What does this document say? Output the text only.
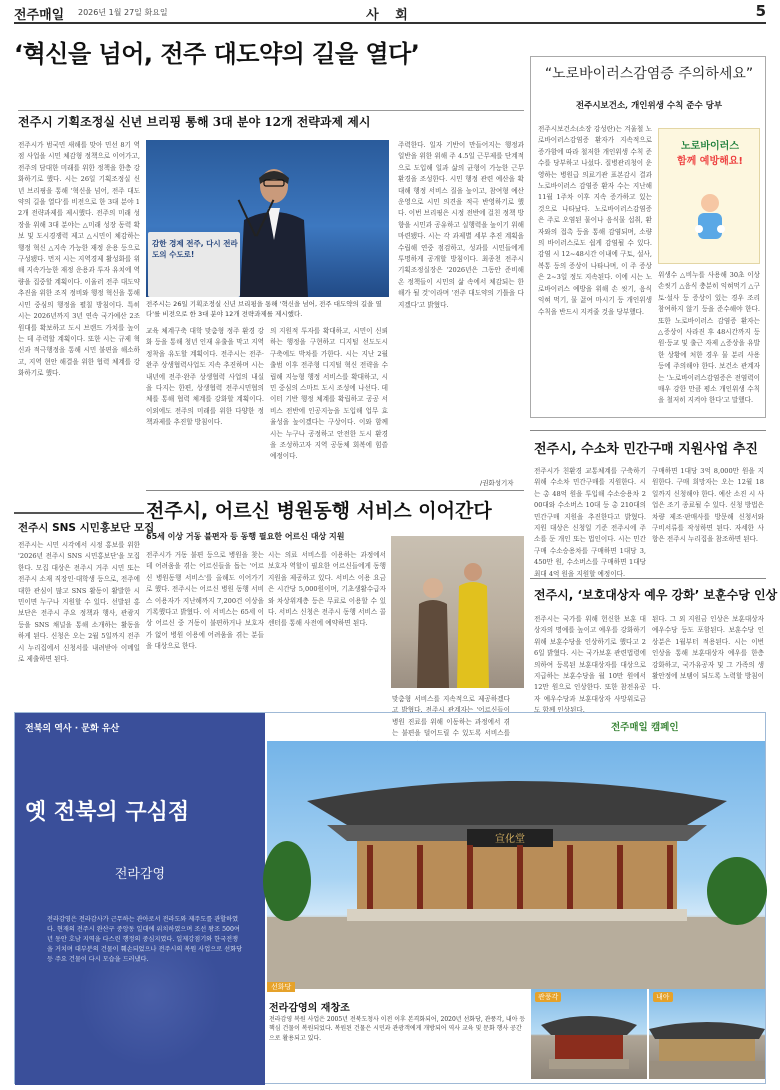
전주매일 2026년 1월 27일 화요일	사 회	5
‘혁신을 넘어, 전주 대도약의 길을 열다’
전주시 기획조정실 신년 브리핑 통해 3대 분야 12개 전략과제 제시
전주시가 범국민 새해를 맞아 민선 8기 역점 사업을 시민 체감형 정책으로 이어가고, 전주의 담대한 미래를 위한 정책을 한층 강화하기로 했다. 시는 26일 기획조정실 신년 브리핑을 통해 '혁신을 넘어, 전주 대도약의 길을 열다'를 비전으로 한 3대 분야 12개 전략과제를 제시했다. 전주의 미래 성장을 위해 3대 분야는 △미래 성장 동력 확보 및 도시경쟁력 제고 △시민이 체감하는 행정 혁신 △지속 가능한 재정 운용 등으로 구성됐다. 먼저 시는 지역경제 활성화를 위해 지속가능한 재정 운용과 투자 유치에 역량을 집중할 계획이다. 이울러 전주 대도약 추진을 위한 조직 정비와 행정 혁신을 통해 시민 중심의 행정을 펼칠 방침이다. 특히 시는 2026년까지 3년 연속 국가예산 2조 원대를 확보하고 도시 브랜드 가치를 높이는 데 주력할 계획이다. 또한 시는 규제 혁신과 적극행정을 통해 시민 불편을 해소하고, 지역 현안 해결을 위한 협력 체계를 강화하기로 했다.
감한 경제 전주, 다시 전라도의 수도로!
전주시는 26일 기획조정실 신년 브리핑을 통해 '혁신을 넘어, 전주 대도약의 길을 열다'를 비전으로 한 3대 분야 12개 전략과제를 제시했다.
교육 체계구축 대학 맞춤형 정주 환경 강화 등을 통해 청년 인재 유출을 막고 지역 정착을 유도할 계획이다. 전주시는 전주·완주 상생협력사업도 지속 추진하며 시는 내년에 전주·완주 상생협력 사업의 내실을 다지는 한편, 상생협력 전주시민협의체를 통해 협력 체계를 강화할 계획이다. 이외에도 전주의 미래를 위한 다양한 정책과제를 추진할 방침이다.
의 지원적 투자를 확대하고, 시민이 신뢰하는 행정을 구현하고 디지털 선도도시 구축에도 박차를 가한다. 시는 지난 2월 출범 이후 전주형 디지털 혁신 전략을 수립해 지능형 행정 서비스를 확대하고, 시민 중심의 스마트 도시 조성에 나선다. 데이터 기반 행정 체계를 확립하고 공공 서비스 전반에 인공지능을 도입해 업무 효율성을 높이겠다는 구상이다. 이와 함께 시는 누구나 공정하고 안전한 도시 환경을 조성하고자 지역 공동체 회복에 힘쓸 예정이다.
주력한다. 일자 기반이 만들어지는 행정과 일반을 위한 위해 주 4.5일 근무제를 단계적으로 도입해 일과 삶의 균형이 가능한 근무 환경을 조성한다. 시민 행정 관련 예산을 확대해 행정 서비스 질을 높이고, 참여형 예산 운영으로 시민 의견을 적극 반영하기로 했다. 이번 브리핑은 시정 전반에 걸친 정책 방향을 시민과 공유하고 실행력을 높이기 위해 마련됐다. 시는 각 과제별 세부 추진 계획을 수립해 연중 점검하고, 성과를 시민들에게 투명하게 공개할 방침이다. 최종천 전주시 기획조정실장은 '2026년은 그동안 준비해온 정책들이 시민의 삶 속에서 체감되는 한 해가 될 것'이라며 '전주 대도약의 기틀을 다지겠다'고 밝혔다.
/권화성기자
“노로바이러스감염증 주의하세요”
전주시보건소, 개인위생 수칙 준수 당부
전주시보건소(소장 강성란)는 겨울철 노로바이러스감염증 환자가 지속적으로 증가함에 따라 철저한 개인위생 수칙 준수를 당부하고 나섰다. 질병관리청이 운영하는 병원급 의료기관 표본감시 결과 노로바이러스 감염증 환자 수는 지난해 11월 1주차 이후 지속 증가하고 있는 것으로 나타났다. 노로바이러스감염증은 주로 오염된 물이나 음식물 섭취, 환자와의 접촉 등을 통해 감염되며, 소량의 바이러스로도 쉽게 감염될 수 있다. 감염 시 12~48시간 이내에 구토, 설사, 복통 등의 증상이 나타나며, 이 주 증상은 2~3일 정도 지속된다. 이에 시는 노로바이러스 예방을 위해 손 씻기, 음식 익혀 먹기, 물 끓여 마시기 등 개인위생 수칙을 반드시 지켜줄 것을 당부했다.
노로바이러스
함께 예방해요!
위생수 △비누를 사용해 30초 이상 손씻기 △음식 충분히 익혀먹기 △구토·설사 등 증상이 있는 경우 조리 참여하지 않기 등을 준수해야 한다. 또한 노로바이러스 감염증 환자는 △증상이 사라진 후 48시간까지 등원·등교 및 출근 자제 △증상을 유발한 상황에 처한 경우 물 분리 사용 등에 주의해야 한다. 보건소 관계자는 '노로바이러스감염증은 전염력이 매우 강한 만큼 평소 개인위생 수칙을 철저히 지켜야 한다'고 말했다.
전주시, 수소차 민간구매 지원사업 추진
전주시가 친환경 교통체계를 구축하기 위해 수소차 민간구매를 지원한다. 시는 총 48억 원을 투입해 수소승용차 200대와 수소버스 10대 등 총 210대의 민간구매 지원을 추진한다고 밝혔다. 지원 대상은 신청일 기준 전주시에 주소를 둔 개인 또는 법인이다. 시는 민간구매 수소승용차를 구매하면 1대당 3,450만 원, 수소버스를 구매하면 1대당 최대 4억 원을 지원할 예정이다.
구매하면 1대당 3억 8,000만 원을 지원한다. 구매 희망자는 오는 12월 18일까지 신청해야 한다. 예산 소진 시 사업은 조기 종료될 수 있다. 신청 방법은 차량 제조·판매사를 방문해 신청서와 구비서류를 작성하면 된다. 자세한 사항은 전주시 누리집을 참조하면 된다.
전주시, ‘보호대상자 예우 강화’ 보훈수당 인상
전주시는 국가를 위해 헌신한 보훈 대상자의 명예를 높이고 예우를 강화하기 위해 보훈수당을 인상하기로 했다고 26일 밝혔다. 시는 국가보훈 관련법령에 의하여 등록된 보훈대상자를 대상으로 지급하는 보훈수당을 월 10만 원에서 12만 원으로 인상한다. 또한 참전유공자 예우수당과 보훈대상자 사망위로금도 함께 인상된다.
된다. 그 외 지원금 인상은 보훈대상자 예우수당 등도 포함된다. 보훈수당 인상분은 1월부터 적용된다. 시는 이번 인상을 통해 보훈대상자 예우를 한층 강화하고, 국가유공자 및 그 가족의 생활안정에 보탬이 되도록 노력할 방침이다.
전주시 SNS 시민홍보단 모집
전주시는 시민 시각에서 시정 홍보를 위한 '2026년 전주시 SNS 시민홍보단'을 모집한다. 모집 대상은 전주시 거주 시민 또는 전주시 소재 직장인·대학생 등으로, 전주에 대한 관심이 많고 SNS 활동이 활발한 시민이면 누구나 지원할 수 있다. 선발된 홍보단은 전주시 주요 정책과 행사, 관광지 등을 SNS 채널을 통해 소개하는 활동을 하게 된다. 신청은 오는 2월 5일까지 전주시 누리집에서 신청서를 내려받아 이메일로 제출하면 된다.
전주시, 어르신 병원동행 서비스 이어간다
65세 이상 거동 불편자 등 동행 필요한 어르신 대상 지원
전주시가 거동 불편 등으로 병원을 찾는 데 어려움을 겪는 어르신들을 돕는 '어르신 병원동행 서비스'를 올해도 이어가기로 했다. 전주시는 어르신 병원 동행 서비스 이용자가 지난해까지 7,200건 이상을 기록했다고 밝혔다. 이 서비스는 65세 이상 어르신 중 거동이 불편하거나 보호자가 없어 병원 이용에 어려움을 겪는 분들을 대상으로 한다.
시는 의료 서비스를 이용하는 과정에서 보호자 역할이 필요한 어르신들에게 동행 지원을 제공하고 있다. 서비스 이용 요금은 시간당 5,000원이며, 기초생활수급자와 차상위계층 등은 무료로 이용할 수 있다. 서비스 신청은 전주시 동행 서비스 콜센터를 통해 사전에 예약하면 된다.
맞춤형 서비스를 지속적으로 제공하겠다고 밝혔다. 전주시 관계자는 '어르신들이 병원 진료를 위해 이동하는 과정에서 겪는 불편을 덜어드릴 수 있도록 서비스를
전북의 역사 · 문화 유산
옛 전북의 구심점
전라감영
전라감영은 전라감사가 근무하는 관아로서 전라도와 제주도를 관할하였다. 현재의 전주시 완산구 중앙동 일대에 위치하였으며 조선 왕조 500여 년 동안 호남 지역을 다스린 행정의 중심지였다. 일제강점기와 한국전쟁을 거치며 대부분의 건물이 훼손되었으나 전주시의 복원 사업으로 선화당 등 주요 건물이 다시 모습을 드러냈다.
전주매일 캠페인
宣化堂
선화당
전라감영의 재창조
전라감영 복원 사업은 2005년 전북도청사 이전 이후 본격화되어, 2020년 선화당, 관풍각, 내아 등 핵심 건물이 복원되었다. 복원된 건물은 시민과 관광객에게 개방되어 역사 교육 및 문화 행사 공간으로 활용되고 있다.
관풍각	내아
